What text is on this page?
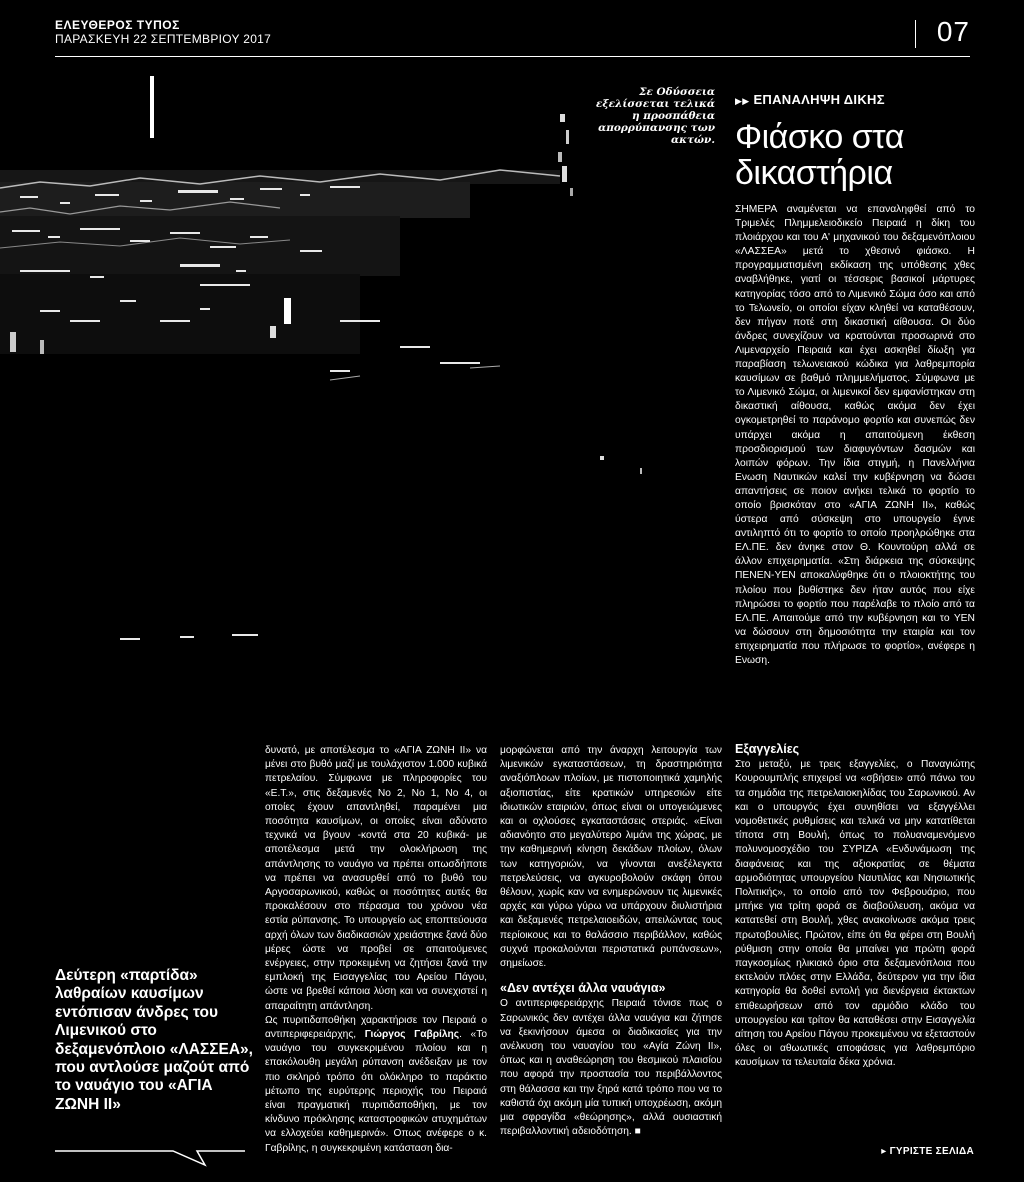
ΕΛΕΥΘΕΡΟΣ ΤΥΠΟΣ
ΠΑΡΑΣΚΕΥΗ 22 ΣΕΠΤΕΜΒΡΙΟΥ 2017	07
Σε Οδύσσεια εξελίσσεται τελικά η προσπάθεια απορρύπανσης των ακτών.
▶▶ ΕΠΑΝΑΛΗΨΗ ΔΙΚΗΣ
Φιάσκο στα
δικαστήρια

ΣΗΜΕΡΑ αναμένεται να επαναληφθεί από το Τριμελές Πλημμελειοδικείο Πειραιά η δίκη του πλοιάρχου και του Α' μηχανικού του δεξαμενόπλοιου «ΛΑΣΣΕΑ» μετά το χθεσινό φιάσκο. Η προγραμματισμένη εκδίκαση της υπόθεσης χθες αναβλήθηκε, γιατί οι τέσσερις βασικοί μάρτυρες κατηγορίας τόσο από το Λιμενικό Σώμα όσο και από το Τελωνείο, οι οποίοι είχαν κληθεί να καταθέσουν, δεν πήγαν ποτέ στη δικαστική αίθουσα. Οι δύο άνδρες συνεχίζουν να κρατούνται προσωρινά στο Λιμεναρχείο Πειραιά και έχει ασκηθεί δίωξη για παραβίαση τελωνειακού κώδικα για λαθρεμπορία καυσίμων σε βαθμό πλημμελήματος. Σύμφωνα με το Λιμενικό Σώμα, οι λιμενικοί δεν εμφανίστηκαν στη δικαστική αίθουσα, καθώς ακόμα δεν έχει ογκομετρηθεί το παράνομο φορτίο και συνεπώς δεν υπάρχει ακόμα η απαιτούμενη έκθεση προσδιορισμού των διαφυγόντων δασμών και λοιπών φόρων. Την ίδια στιγμή, η Πανελλήνια Ενωση Ναυτικών καλεί την κυβέρνηση να δώσει απαντήσεις σε ποιον ανήκει τελικά το φορτίο το οποίο βρισκόταν στο «ΑΓΙΑ ΖΩΝΗ ΙΙ», καθώς ύστερα από σύσκεψη στο υπουργείο έγινε αντιληπτό ότι το φορτίο το οποίο προηλρώθηκε στα ΕΛ.ΠΕ. δεν άνηκε στον Θ. Κουντούρη αλλά σε άλλον επιχειρηματία. «Στη διάρκεια της σύσκεψης ΠΕΝΕΝ-ΥΕΝ αποκαλύφθηκε ότι ο πλοιοκτήτης του πλοίου που βυθίστηκε δεν ήταν αυτός που είχε πληρώσει το φορτίο που παρέλαβε το πλοίο από τα ΕΛ.ΠΕ. Απαιτούμε από την κυβέρνηση και το ΥΕΝ να δώσουν στη δημοσιότητα την εταιρία και τον επιχειρηματία που πλήρωσε το φορτίο», ανέφερε η Ενωση.

δυνατό, με αποτέλεσμα το «ΑΓΙΑ ΖΩΝΗ ΙΙ» να μένει στο βυθό μαζί με τουλάχιστον 1.000 κυβικά πετρελαίου. Σύμφωνα με πληροφορίες του «Ε.Τ.», στις δεξαμενές Νο 2, Νο 1, Νο 4, οι οποίες έχουν απαντληθεί, παραμένει μια ποσότητα καυσίμων, οι οποίες είναι αδύνατο τεχνικά να βγουν -κοντά στα 20 κυβικά- με αποτέλεσμα μετά την ολοκλήρωση της απάντλησης το ναυάγιο να πρέπει οπωσδήποτε να πρέπει να ανασυρθεί από το βυθό του Αργοσαρωνικού, καθώς οι ποσότητες αυτές θα προκαλέσουν στο πέρασμα του χρόνου νέα εστία ρύπανσης. Το υπουργείο ως εποπτεύουσα αρχή όλων των διαδικασιών χρειάστηκε ξανά δύο μέρες ώστε να προβεί σε απαιτούμενες ενέργειες, στην προκειμένη να ζητήσει ξανά την εμπλοκή της Εισαγγελίας του Αρείου Πάγου, ώστε να βρεθεί κάποια λύση και να συνεχιστεί η απαραίτητη απάντληση.

Ως πυριτιδαποθήκη χαρακτήρισε τον Πειραιά ο αντιπεριφερειάρχης, Γιώργος Γαβρίλης. «Το ναυάγιο του συγκεκριμένου πλοίου και η επακόλουθη μεγάλη ρύπανση ανέδειξαν με τον πιο σκληρό τρόπο ότι ολόκληρο το παράκτιο μέτωπο της ευρύτερης περιοχής του Πειραιά είναι πραγματική πυριτιδαποθήκη, με τον κίνδυνο πρόκλησης καταστροφικών ατυχημάτων να ελλοχεύει καθημερινά». Οπως ανέφερε ο κ. Γαβρίλης, η συγκεκριμένη κατάσταση δια-

μορφώνεται από την άναρχη λειτουργία των λιμενικών εγκαταστάσεων, τη δραστηριότητα αναξιόπλοων πλοίων, με πιστοποιητικά χαμηλής αξιοπιστίας, είτε κρατικών υπηρεσιών είτε ιδιωτικών εταιριών, όπως είναι οι υπογειώμενες και οι οχλούσες εγκαταστάσεις στεριάς. «Είναι αδιανόητο στο μεγαλύτερο λιμάνι της χώρας, με την καθημερινή κίνηση δεκάδων πλοίων, όλων των κατηγοριών, να γίνονται ανεξέλεγκτα πετρελεύσεις, να αγκυροβολούν σκάφη όπου θέλουν, χωρίς καν να ενημερώνουν τις λιμενικές αρχές και γύρω γύρω να υπάρχουν διυλιστήρια και δεξαμενές πετρελαιοειδών, απειλώντας τους περίοικους και το θαλάσσιο περιβάλλον, καθώς συχνά προκαλούνται περιστατικά ρυπάνσεων», σημείωσε.

«Δεν αντέχει άλλα ναυάγια»

Ο αντιπεριφερειάρχης Πειραιά τόνισε πως ο Σαρωνικός δεν αντέχει άλλα ναυάγια και ζήτησε να ξεκινήσουν άμεσα οι διαδικασίες για την ανέλκυση του ναυαγίου του «Αγία Ζώνη ΙΙ», όπως και η αναθεώρηση του θεσμικού πλαισίου που αφορά την προστασία του περιβάλλοντος στη θάλασσα και την ξηρά κατά τρόπο που να το καθιστά όχι ακόμη μία τυπική υποχρέωση, ακόμη μια σφραγίδα «θεώρησης», αλλά ουσιαστική περιβαλλοντική αδειοδότηση. ■

Εξαγγελίες

Στο μεταξύ, με τρεις εξαγγελίες, ο Παναγιώτης Κουρουμπλής επιχειρεί να «σβήσει» από πάνω του τα σημάδια της πετρελαιοκηλίδας του Σαρωνικού. Αν και ο υπουργός έχει συνηθίσει να εξαγγέλλει νομοθετικές ρυθμίσεις και τελικά να μην κατατίθεται τίποτα στη Βουλή, όπως το πολυαναμενόμενο πολυνομοσχέδιο του ΣΥΡΙΖΑ «Ενδυνάμωση της διαφάνειας και της αξιοκρατίας σε θέματα αρμοδιότητας υπουργείου Ναυτιλίας και Νησιωτικής Πολιτικής», το οποίο από τον Φεβρουάριο, που μπήκε για τρίτη φορά σε διαβούλευση, ακόμα να κατατεθεί στη Βουλή, χθες ανακοίνωσε ακόμα τρεις πρωτοβουλίες. Πρώτον, είπε ότι θα φέρει στη Βουλή ρύθμιση στην οποία θα μπαίνει για πρώτη φορά παγκοσμίως ηλικιακό όριο στα δεξαμενόπλοια που εκτελούν πλόες στην Ελλάδα, δεύτερον για την ίδια κατηγορία θα δοθεί εντολή για διενέργεια έκτακτων επιθεωρήσεων από τον αρμόδιο κλάδο του υπουργείου και τρίτον θα καταθέσει στην Εισαγγελία αίτηση του Αρείου Πάγου προκειμένου να εξεταστούν όλες οι αθωωτικές αποφάσεις για λαθρεμπόριο καυσίμων τα τελευταία δέκα χρόνια.

Δεύτερη «παρτίδα» λαθραίων καυσίμων εντόπισαν άνδρες του Λιμενικού στο δεξαμενόπλοιο «ΛΑΣΣΕΑ», που αντλούσε μαζούτ από το ναυάγιο του «ΑΓΙΑ ΖΩΝΗ ΙΙ»
▸ ΓΥΡΙΣΤΕ ΣΕΛΙΔΑ
